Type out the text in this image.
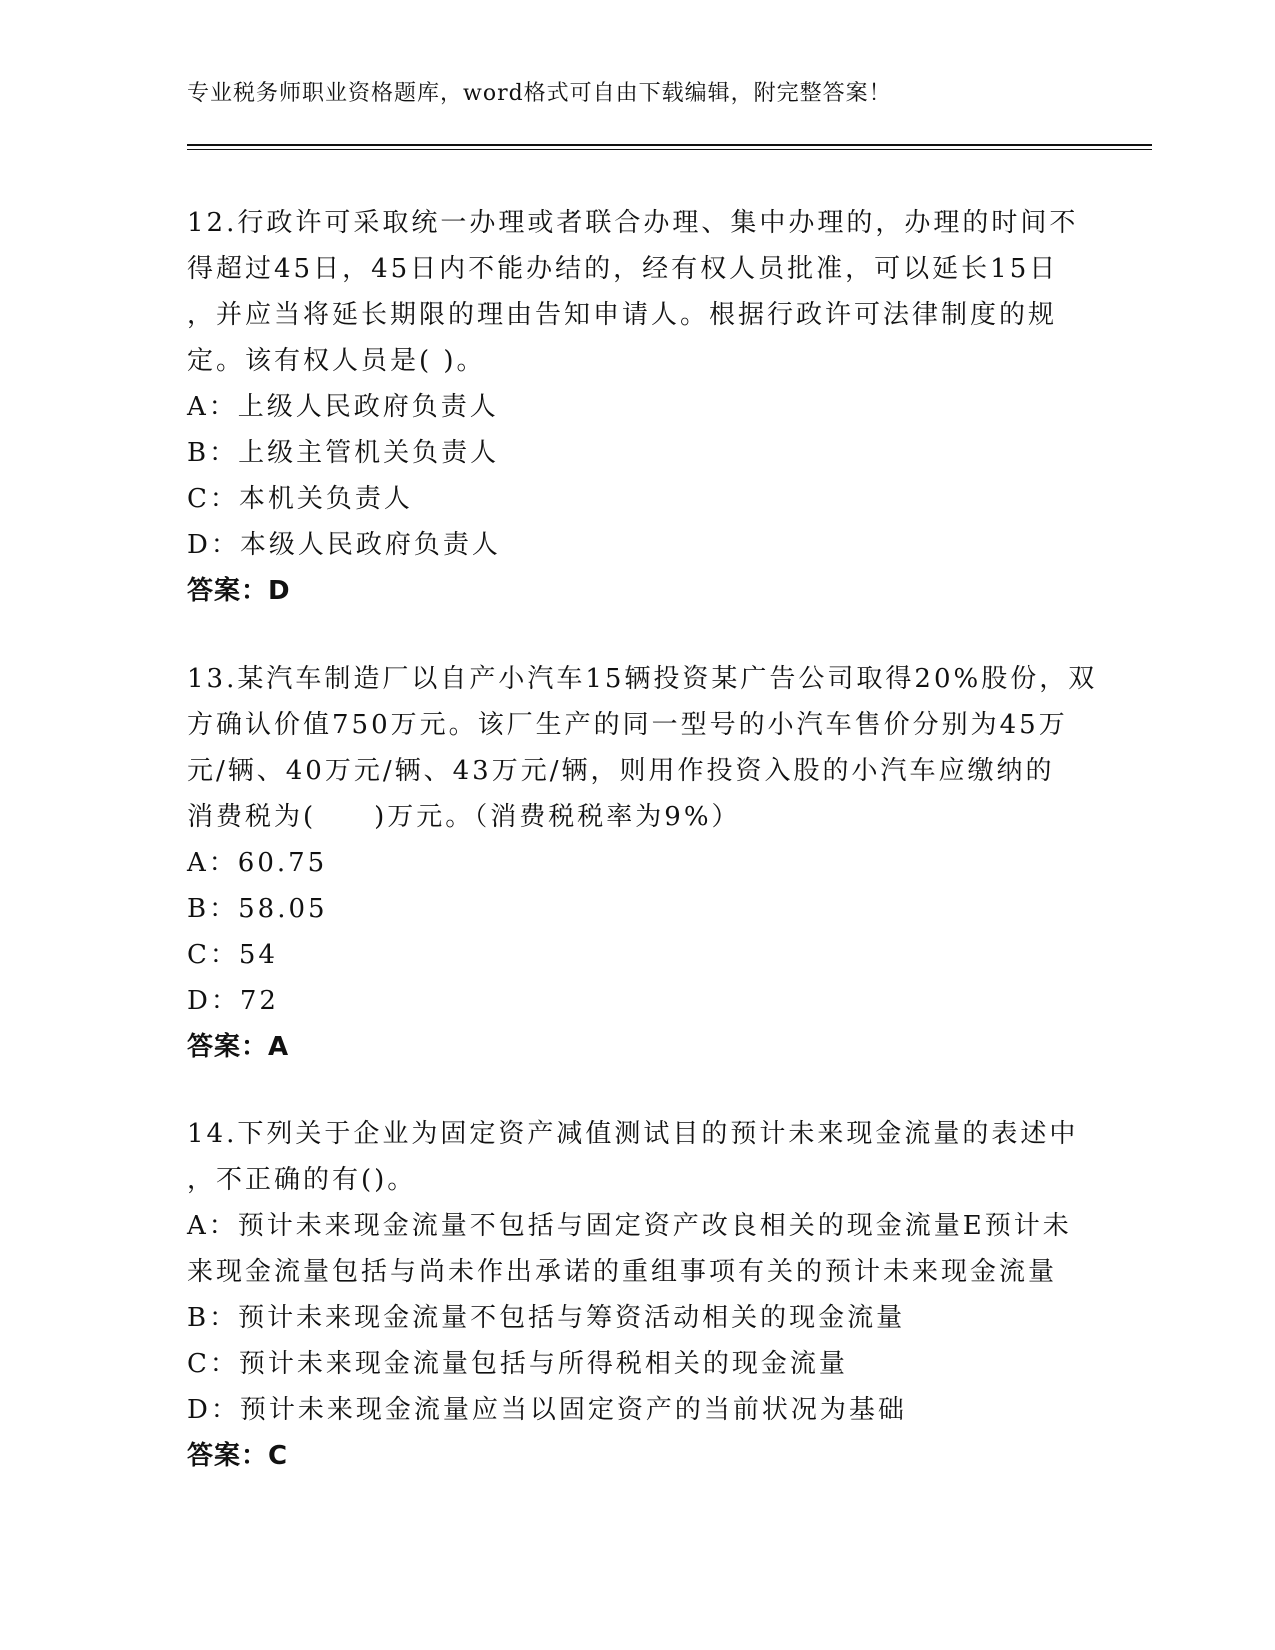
专业税务师职业资格题库，word格式可自由下载编辑，附完整答案！
12.行政许可采取统一办理或者联合办理、集中办理的，办理的时间不
得超过45日，45日内不能办结的，经有权人员批准，可以延长15日
，并应当将延长期限的理由告知申请人。根据行政许可法律制度的规
定。该有权人员是( )。
A：上级人民政府负责人
B：上级主管机关负责人
C：本机关负责人
D：本级人民政府负责人
答案：D
13.某汽车制造厂以自产小汽车15辆投资某广告公司取得20%股份，双
方确认价值750万元。该厂生产的同一型号的小汽车售价分别为45万
元/辆、40万元/辆、43万元/辆，则用作投资入股的小汽车应缴纳的
消费税为(　　)万元。（消费税税率为9%）
A：60.75
B：58.05
C：54
D：72
答案：A
14.下列关于企业为固定资产减值测试目的预计未来现金流量的表述中
，不正确的有()。
A：预计未来现金流量不包括与固定资产改良相关的现金流量E预计未
来现金流量包括与尚未作出承诺的重组事项有关的预计未来现金流量
B：预计未来现金流量不包括与筹资活动相关的现金流量
C：预计未来现金流量包括与所得税相关的现金流量
D：预计未来现金流量应当以固定资产的当前状况为基础
答案：C
